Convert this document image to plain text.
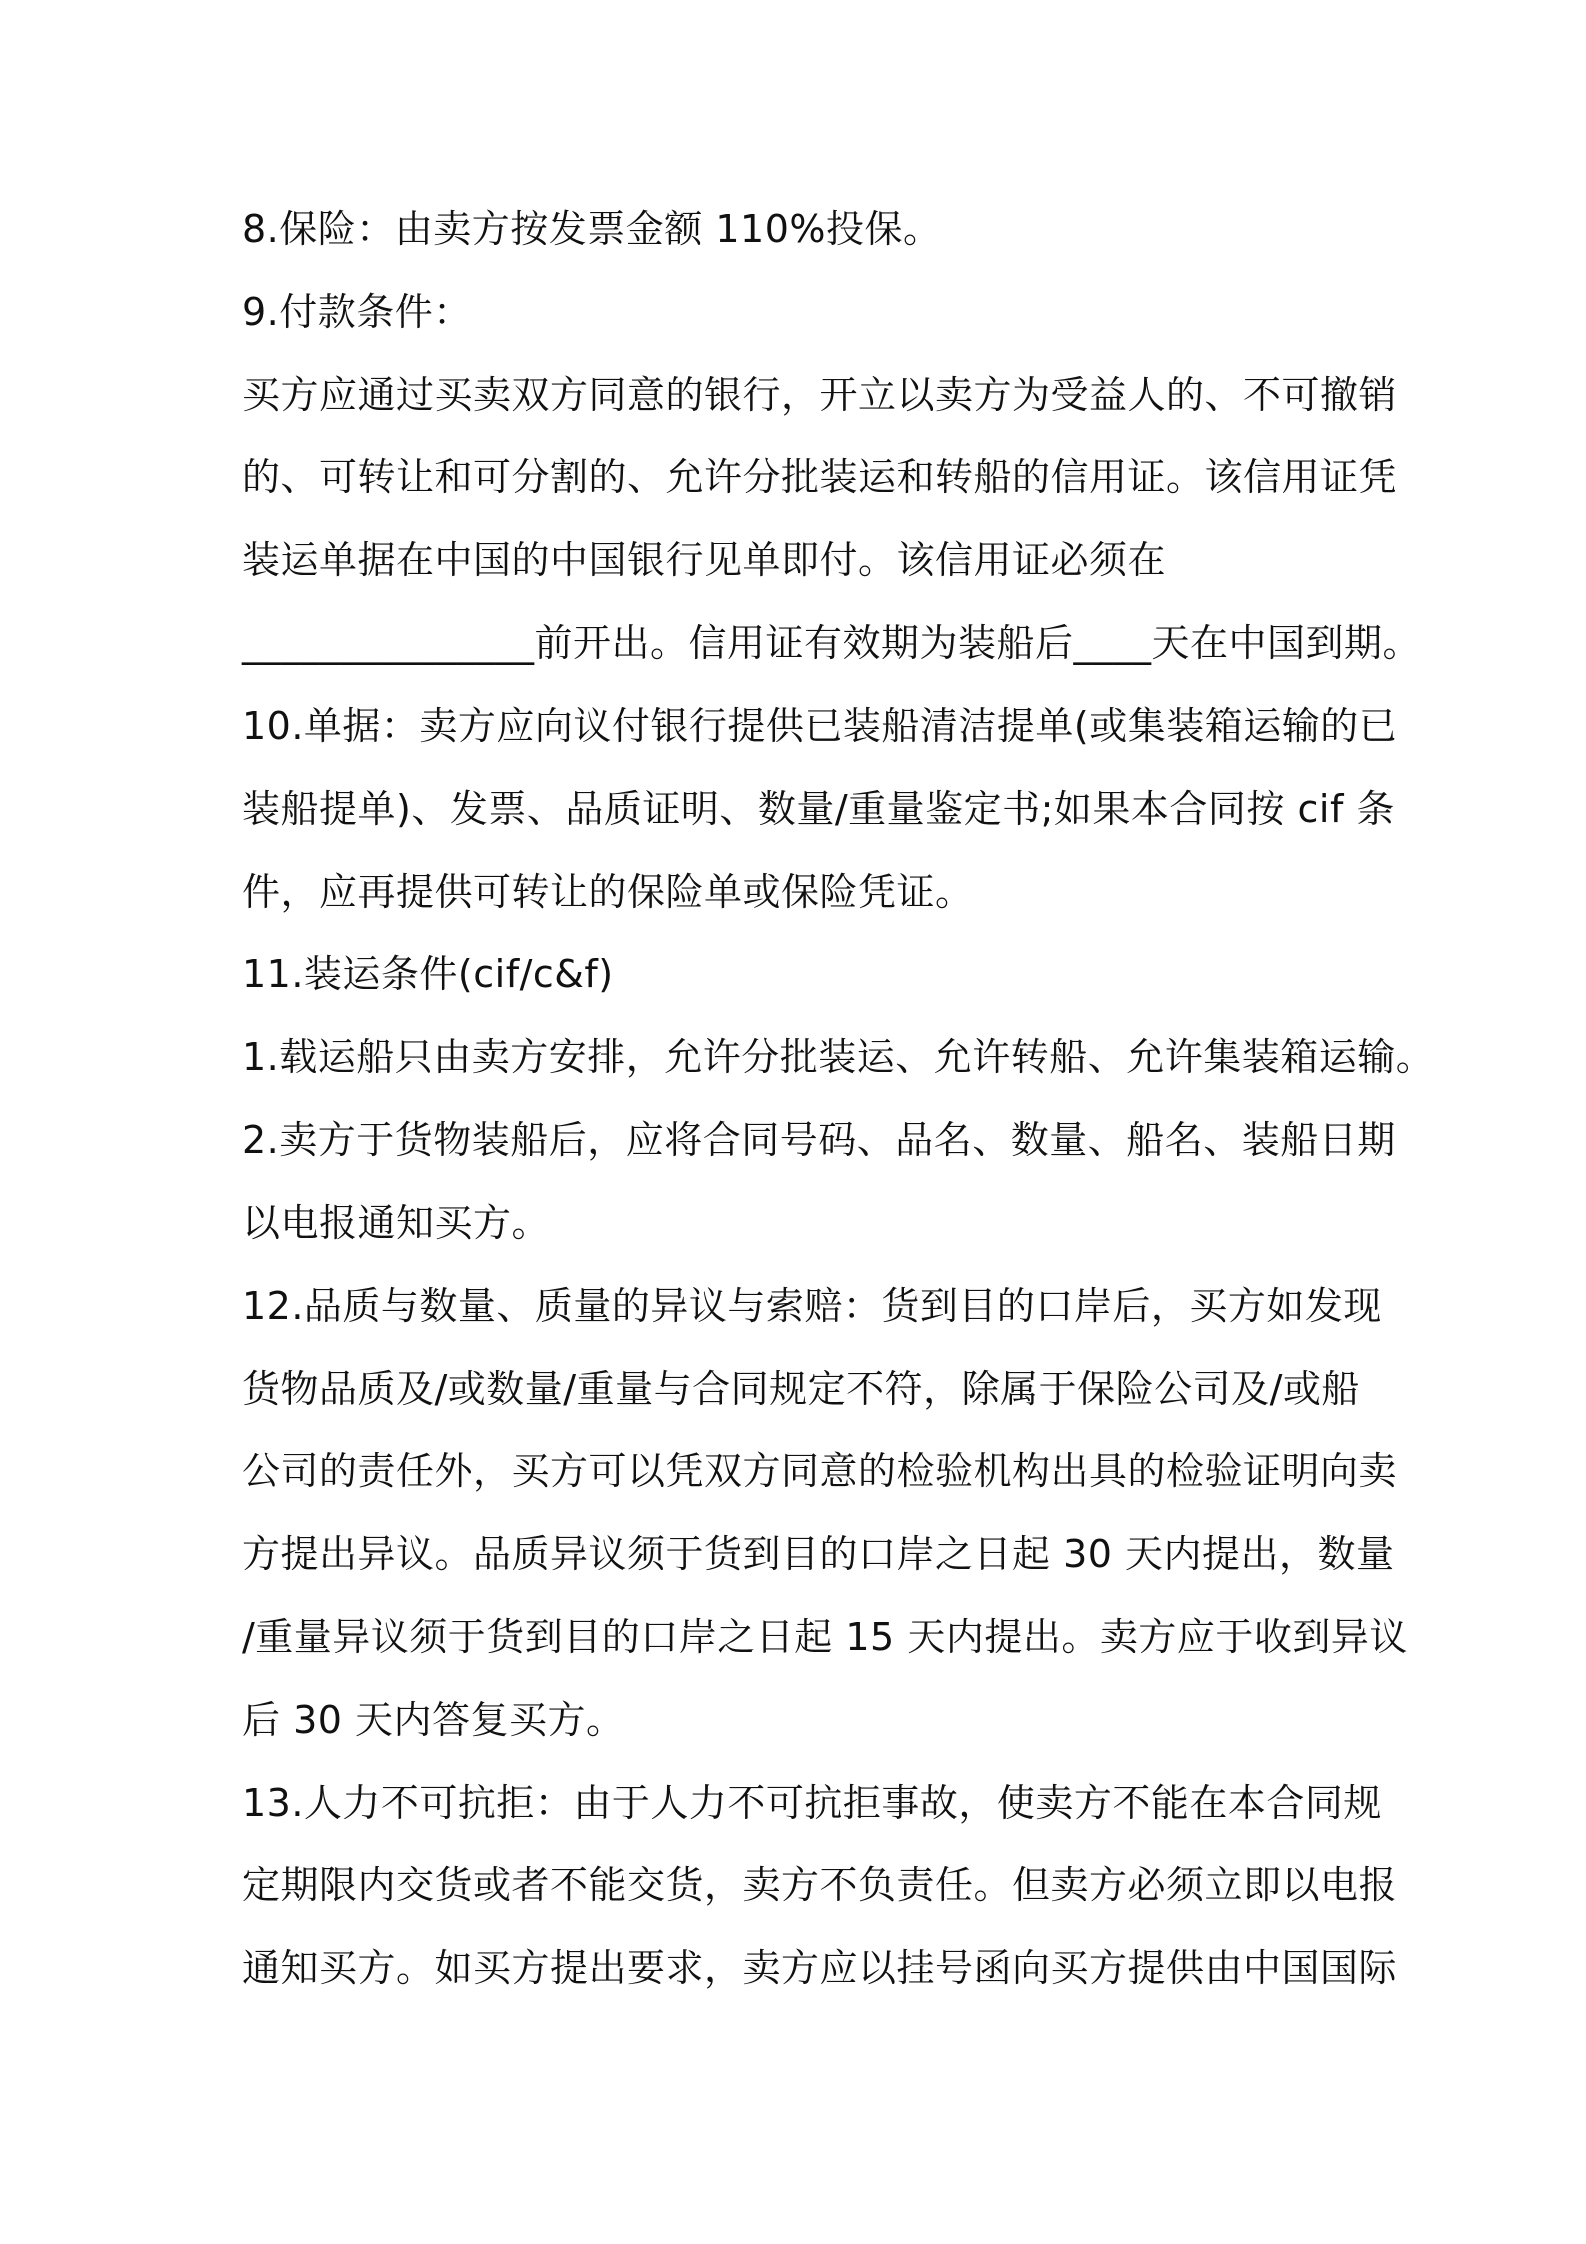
8.保险：由卖方按发票金额 110%投保。

9.付款条件：

买方应通过买卖双方同意的银行，开立以卖方为受益人的、不可撤销

的、可转让和可分割的、允许分批装运和转船的信用证。该信用证凭

装运单据在中国的中国银行见单即付。该信用证必须在

_______________前开出。信用证有效期为装船后____天在中国到期。

10.单据：卖方应向议付银行提供已装船清洁提单(或集装箱运输的已

装船提单)、发票、品质证明、数量/重量鉴定书;如果本合同按 cif 条

件，应再提供可转让的保险单或保险凭证。

11.装运条件(cif/c&f)

1.载运船只由卖方安排，允许分批装运、允许转船、允许集装箱运输。

2.卖方于货物装船后，应将合同号码、品名、数量、船名、装船日期

以电报通知买方。

12.品质与数量、质量的异议与索赔：货到目的口岸后，买方如发现

货物品质及/或数量/重量与合同规定不符，除属于保险公司及/或船

公司的责任外，买方可以凭双方同意的检验机构出具的检验证明向卖

方提出异议。品质异议须于货到目的口岸之日起 30 天内提出，数量

/重量异议须于货到目的口岸之日起 15 天内提出。卖方应于收到异议

后 30 天内答复买方。

13.人力不可抗拒：由于人力不可抗拒事故，使卖方不能在本合同规

定期限内交货或者不能交货，卖方不负责任。但卖方必须立即以电报

通知买方。如买方提出要求，卖方应以挂号函向买方提供由中国国际
